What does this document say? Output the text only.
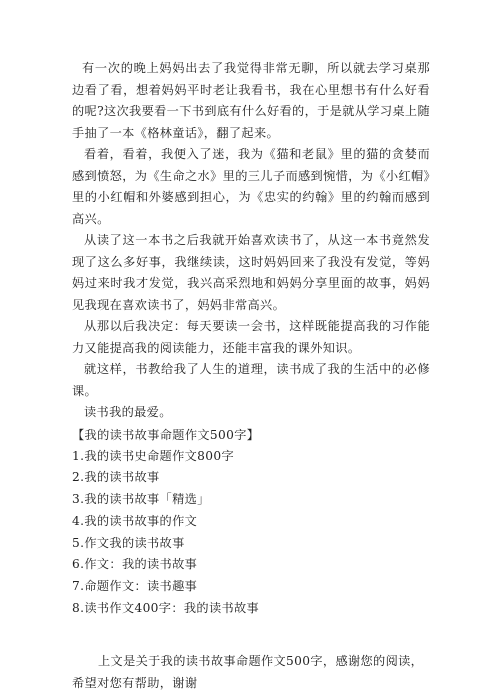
有一次的晚上妈妈出去了我觉得非常无聊，所以就去学习桌那边看了看，想着妈妈平时老让我看书，我在心里想书有什么好看的呢?这次我要看一下书到底有什么好看的，于是就从学习桌上随手抽了一本《格林童话》，翻了起来。

看着，看着，我便入了迷，我为《猫和老鼠》里的猫的贪婪而感到愤怒，为《生命之水》里的三儿子而感到惋惜，为《小红帽》里的小红帽和外婆感到担心，为《忠实的约翰》里的约翰而感到高兴。

从读了这一本书之后我就开始喜欢读书了，从这一本书竟然发现了这么多好事，我继续读，这时妈妈回来了我没有发觉，等妈妈过来时我才发觉，我兴高采烈地和妈妈分享里面的故事，妈妈见我现在喜欢读书了，妈妈非常高兴。

从那以后我决定：每天要读一会书，这样既能提高我的习作能力又能提高我的阅读能力，还能丰富我的课外知识。

就这样，书教给我了人生的道理，读书成了我的生活中的必修课。

读书我的最爱。

【我的读书故事命题作文500字】

1.我的读书史命题作文800字
2.我的读书故事
3.我的读书故事「精选」
4.我的读书故事的作文
5.作文我的读书故事
6.作文：我的读书故事
7.命题作文：读书趣事
8.读书作文400字：我的读书故事

上文是关于我的读书故事命题作文500字，感谢您的阅读，希望对您有帮助，谢谢
